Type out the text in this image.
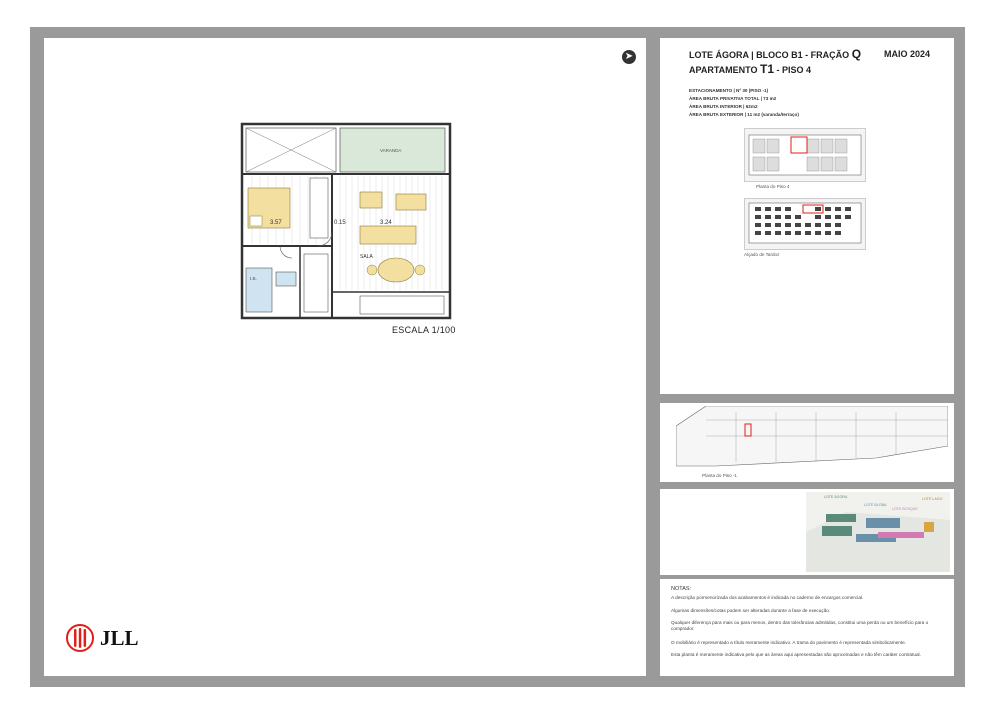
➤
3.57	0.15	3.24
SALA
I.S.
VARANDA
ESCALA 1/100
JLL
LOTE ÁGORA | BLOCO B1 - FRAÇÃO Q
APARTAMENTO T1 - PISO 4
MAIO 2024
ESTACIONAMENTO | Nº 30 (PISO -1)
ÁREA BRUTA PRIVATIVA TOTAL | 73 m2
ÁREA BRUTA INTERIOR | 62m2
ÁREA BRUTA EXTERIOR | 11 m2 (varanda/terraço)
Planta do Piso 4
Alçado de Tardoz
Planta do Piso -1
LOTE ÁGORA
LOTE BLOBA
LOTE BOSQUE
LOTE LAGO
NOTAS:
A descrição pormenorizada dos acabamentos é indicada no caderno de encargos comercial.
Algumas dimensões/cotas podem ser alteradas durante a fase de execução.
Qualquer diferença para mais ou para menos, dentro das tolerâncias admitidas, constitui uma perda ou um benefício para o comprador.
O mobiliário é representado a título meramente indicativo. A trama do pavimento é representada simbolicamente.
Esta planta é meramente indicativa pelo que as áreas aqui apresentadas são aproximadas e não têm caráter contratual.
